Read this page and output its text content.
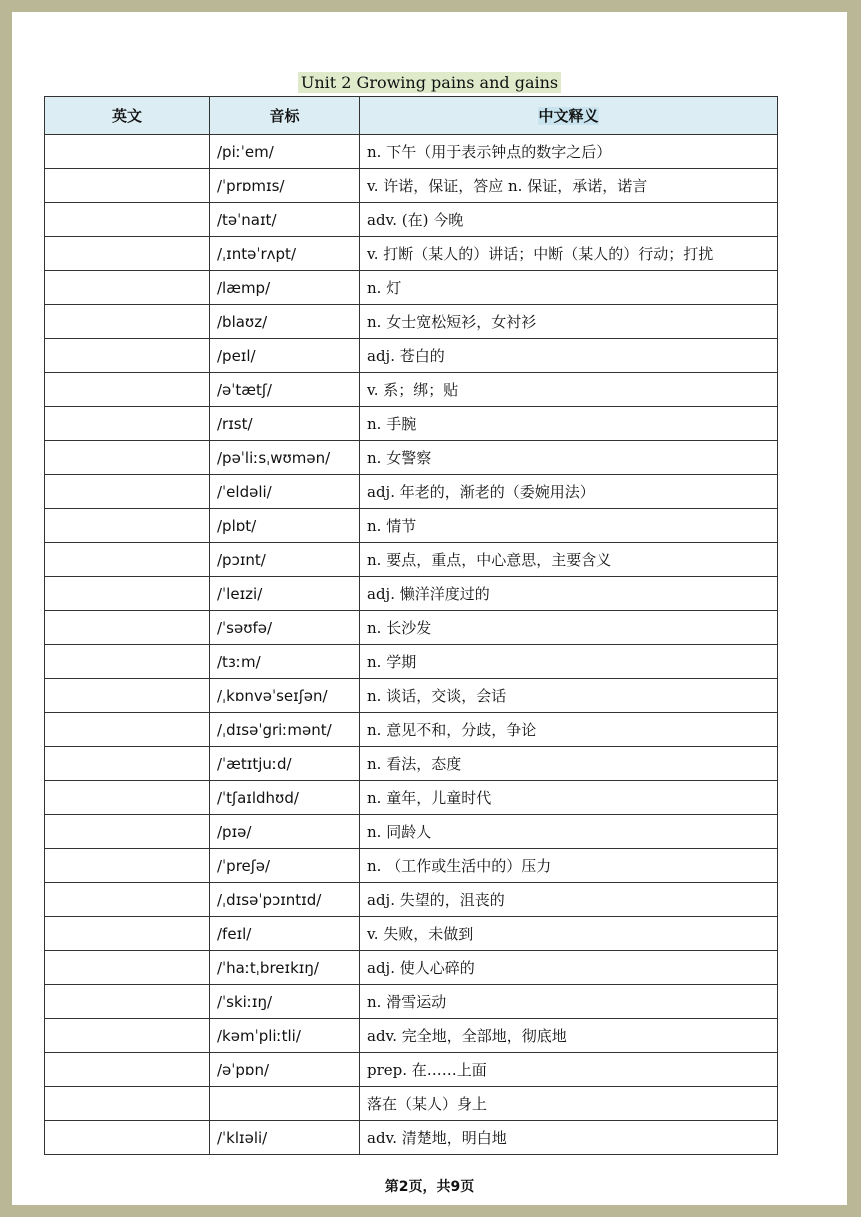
Unit 2 Growing pains and gains
英文	音标	中文释义
	/piːˈem/	n. 下午（用于表示钟点的数字之后）
	/ˈprɒmɪs/	v. 许诺，保证，答应 n. 保证，承诺，诺言
	/təˈnaɪt/	adv. (在) 今晚
	/ˌɪntəˈrʌpt/	v. 打断（某人的）讲话；中断（某人的）行动；打扰
	/læmp/	n. 灯
	/blaʊz/	n. 女士宽松短衫，女衬衫
	/peɪl/	adj. 苍白的
	/əˈtætʃ/	v. 系；绑；贴
	/rɪst/	n. 手腕
	/pəˈliːsˌwʊmən/	n. 女警察
	/ˈeldəli/	adj. 年老的，渐老的（委婉用法）
	/plɒt/	n. 情节
	/pɔɪnt/	n. 要点，重点，中心意思，主要含义
	/ˈleɪzi/	adj. 懒洋洋度过的
	/ˈsəʊfə/	n. 长沙发
	/tɜːm/	n. 学期
	/ˌkɒnvəˈseɪʃən/	n. 谈话，交谈，会话
	/ˌdɪsəˈgriːmənt/	n. 意见不和，分歧，争论
	/ˈætɪtjuːd/	n. 看法，态度
	/ˈtʃaɪldhʊd/	n. 童年，儿童时代
	/pɪə/	n. 同龄人
	/ˈpreʃə/	n. （工作或生活中的）压力
	/ˌdɪsəˈpɔɪntɪd/	adj. 失望的，沮丧的
	/feɪl/	v. 失败，未做到
	/ˈhaːtˌbreɪkɪŋ/	adj. 使人心碎的
	/ˈskiːɪŋ/	n. 滑雪运动
	/kəmˈpliːtli/	adv. 完全地，全部地，彻底地
	/əˈpɒn/	prep. 在……上面
		落在（某人）身上
	/ˈklɪəli/	adv. 清楚地，明白地
第2页，共9页
